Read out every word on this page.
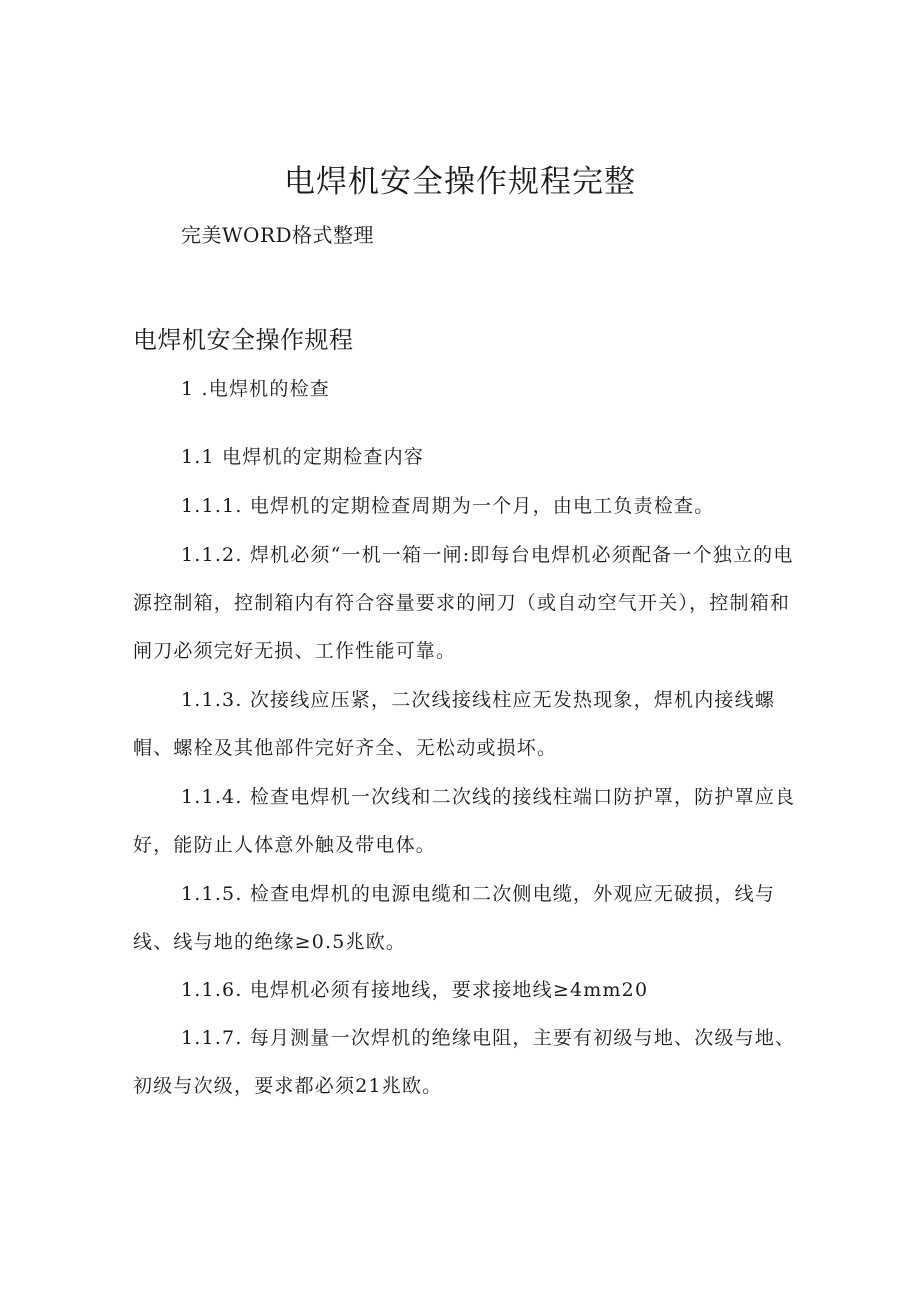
电焊机安全操作规程完整

完美WORD格式整理

电焊机安全操作规程

1 .电焊机的检查

1.1 电焊机的定期检查内容

1.1.1. 电焊机的定期检查周期为一个月，由电工负责检查。

1.1.2. 焊机必须“一机一箱一闸:即每台电焊机必须配备一个独立的电源控制箱，控制箱内有符合容量要求的闸刀（或自动空气开关），控制箱和闸刀必须完好无损、工作性能可靠。

1.1.3. 次接线应压紧，二次线接线柱应无发热现象，焊机内接线螺帽、螺栓及其他部件完好齐全、无松动或损坏。

1.1.4. 检查电焊机一次线和二次线的接线柱端口防护罩，防护罩应良好，能防止人体意外触及带电体。

1.1.5. 检查电焊机的电源电缆和二次侧电缆，外观应无破损，线与线、线与地的绝缘≥0.5兆欧。

1.1.6. 电焊机必须有接地线，要求接地线≥4mm20

1.1.7. 每月测量一次焊机的绝缘电阻，主要有初级与地、次级与地、初级与次级，要求都必须21兆欧。
